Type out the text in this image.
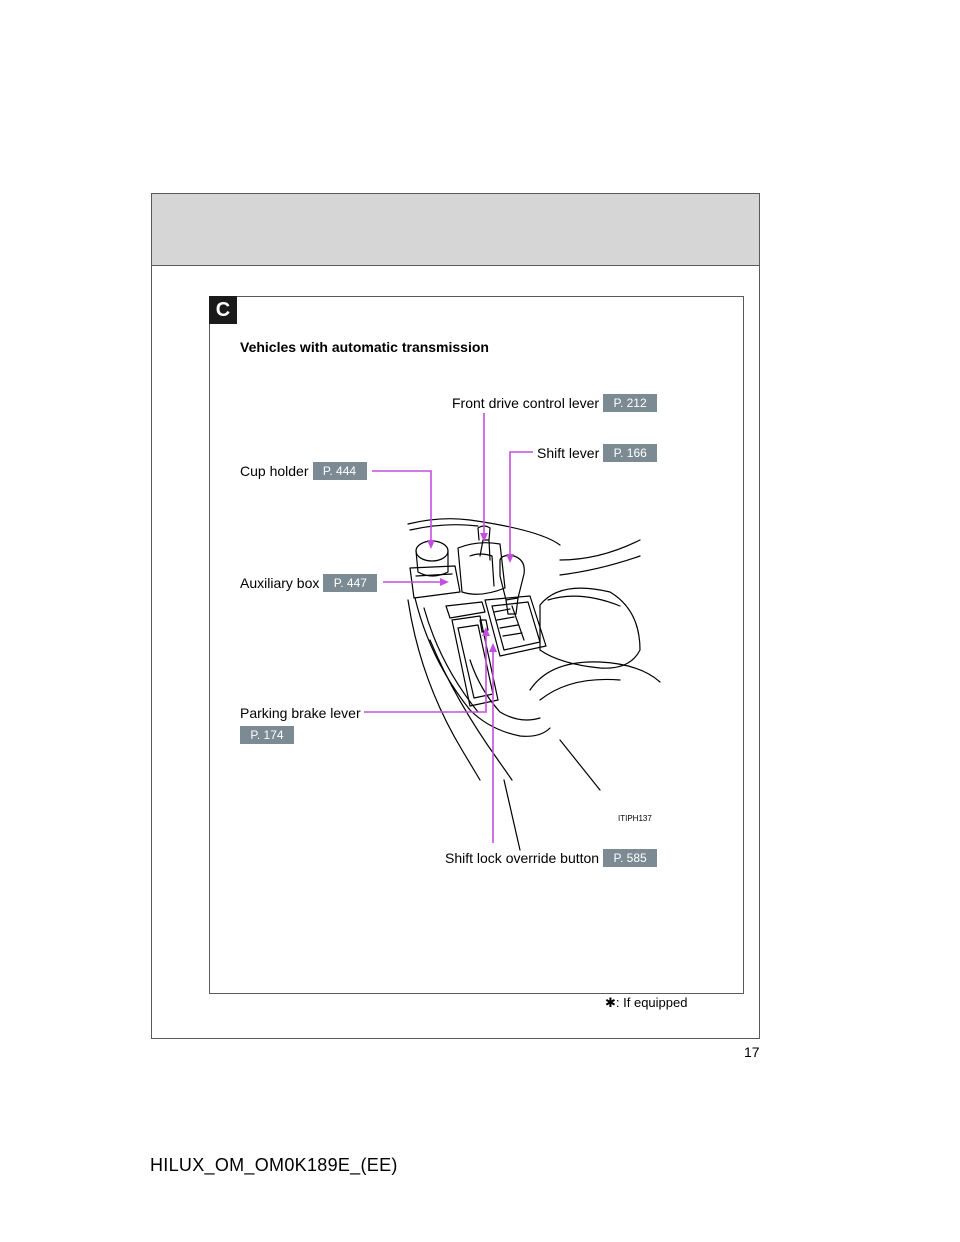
C
Vehicles with automatic transmission
Front drive control lever	P. 212
Shift lever	P. 166
Cup holder	P. 444
Auxiliary box	P. 447
Parking brake lever
P. 174
Shift lock override button	P. 585
ITIPH137
✱: If equipped
17
HILUX_OM_OM0K189E_(EE)
